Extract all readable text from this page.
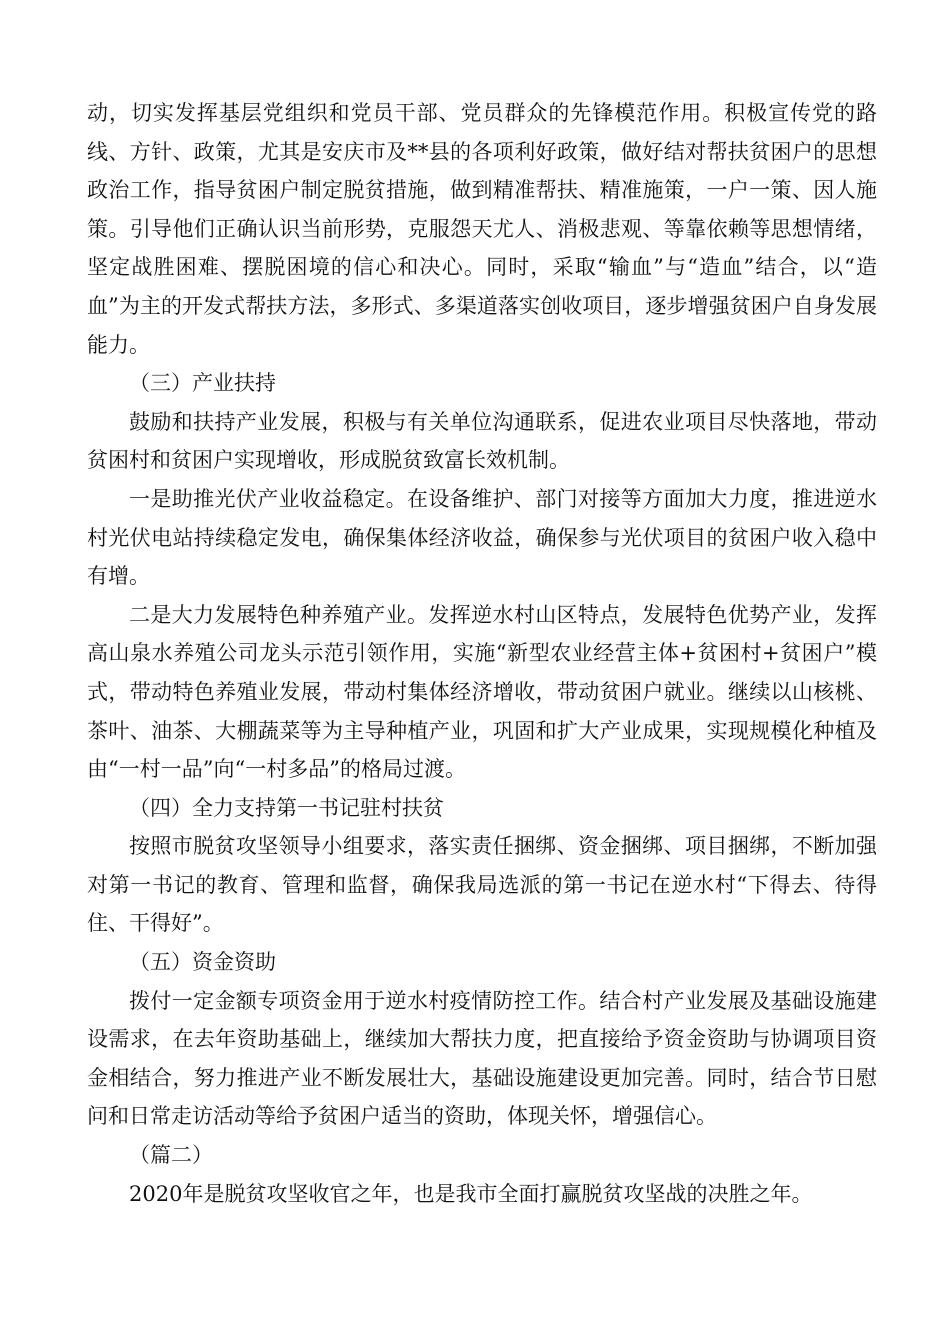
动，切实发挥基层党组织和党员干部、党员群众的先锋模范作用。积极宣传党的路线、方针、政策，尤其是安庆市及**县的各项利好政策，做好结对帮扶贫困户的思想政治工作，指导贫困户制定脱贫措施，做到精准帮扶、精准施策，一户一策、因人施策。引导他们正确认识当前形势，克服怨天尤人、消极悲观、等靠依赖等思想情绪，坚定战胜困难、摆脱困境的信心和决心。同时，采取“输血”与“造血”结合，以“造血”为主的开发式帮扶方法，多形式、多渠道落实创收项目，逐步增强贫困户自身发展能力。

（三）产业扶持

鼓励和扶持产业发展，积极与有关单位沟通联系，促进农业项目尽快落地，带动贫困村和贫困户实现增收，形成脱贫致富长效机制。

一是助推光伏产业收益稳定。在设备维护、部门对接等方面加大力度，推进逆水村光伏电站持续稳定发电，确保集体经济收益，确保参与光伏项目的贫困户收入稳中有增。

二是大力发展特色种养殖产业。发挥逆水村山区特点，发展特色优势产业，发挥高山泉水养殖公司龙头示范引领作用，实施“新型农业经营主体+贫困村+贫困户”模式，带动特色养殖业发展，带动村集体经济增收，带动贫困户就业。继续以山核桃、茶叶、油茶、大棚蔬菜等为主导种植产业，巩固和扩大产业成果，实现规模化种植及由“一村一品”向“一村多品”的格局过渡。

（四）全力支持第一书记驻村扶贫

按照市脱贫攻坚领导小组要求，落实责任捆绑、资金捆绑、项目捆绑，不断加强对第一书记的教育、管理和监督，确保我局选派的第一书记在逆水村“下得去、待得住、干得好”。

（五）资金资助

拨付一定金额专项资金用于逆水村疫情防控工作。结合村产业发展及基础设施建设需求，在去年资助基础上，继续加大帮扶力度，把直接给予资金资助与协调项目资金相结合，努力推进产业不断发展壮大，基础设施建设更加完善。同时，结合节日慰问和日常走访活动等给予贫困户适当的资助，体现关怀，增强信心。

（篇二）

2020年是脱贫攻坚收官之年，也是我市全面打赢脱贫攻坚战的决胜之年。
